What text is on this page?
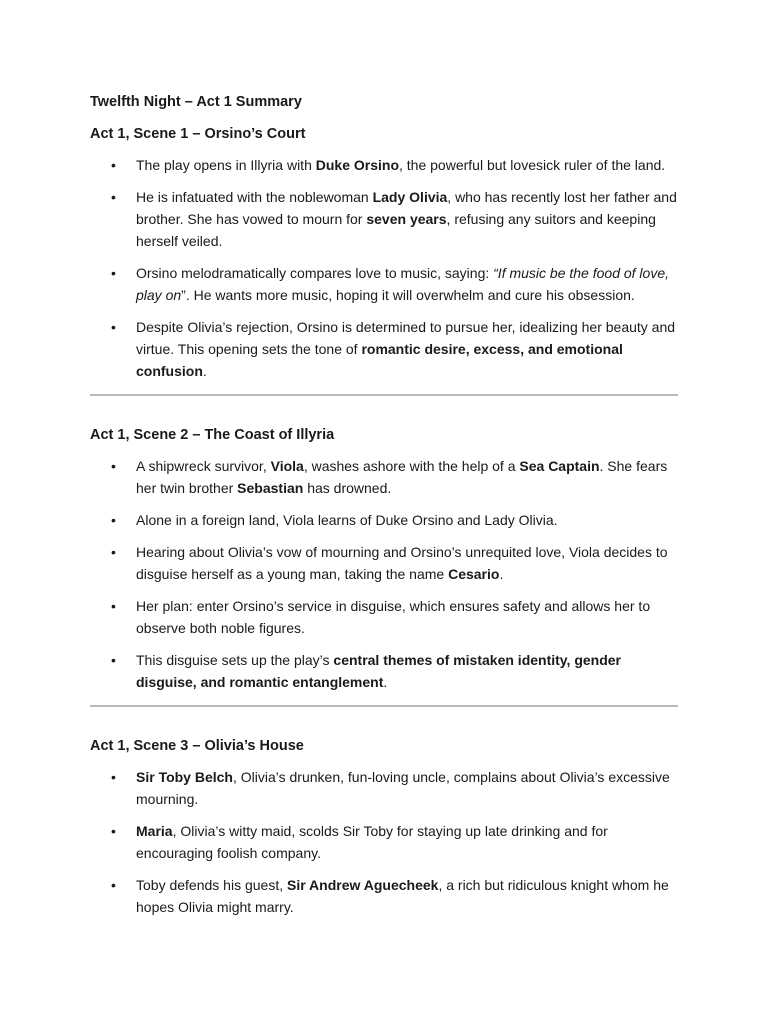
Twelfth Night – Act 1 Summary
Act 1, Scene 1 – Orsino’s Court
• The play opens in Illyria with Duke Orsino, the powerful but lovesick ruler of the land.
• He is infatuated with the noblewoman Lady Olivia, who has recently lost her father and brother. She has vowed to mourn for seven years, refusing any suitors and keeping herself veiled.
• Orsino melodramatically compares love to music, saying: “If music be the food of love, play on”. He wants more music, hoping it will overwhelm and cure his obsession.
• Despite Olivia’s rejection, Orsino is determined to pursue her, idealizing her beauty and virtue. This opening sets the tone of romantic desire, excess, and emotional confusion.
Act 1, Scene 2 – The Coast of Illyria
• A shipwreck survivor, Viola, washes ashore with the help of a Sea Captain. She fears her twin brother Sebastian has drowned.
• Alone in a foreign land, Viola learns of Duke Orsino and Lady Olivia.
• Hearing about Olivia’s vow of mourning and Orsino’s unrequited love, Viola decides to disguise herself as a young man, taking the name Cesario.
• Her plan: enter Orsino’s service in disguise, which ensures safety and allows her to observe both noble figures.
• This disguise sets up the play’s central themes of mistaken identity, gender disguise, and romantic entanglement.
Act 1, Scene 3 – Olivia’s House
• Sir Toby Belch, Olivia’s drunken, fun-loving uncle, complains about Olivia’s excessive mourning.
• Maria, Olivia’s witty maid, scolds Sir Toby for staying up late drinking and for encouraging foolish company.
• Toby defends his guest, Sir Andrew Aguecheek, a rich but ridiculous knight whom he hopes Olivia might marry.
